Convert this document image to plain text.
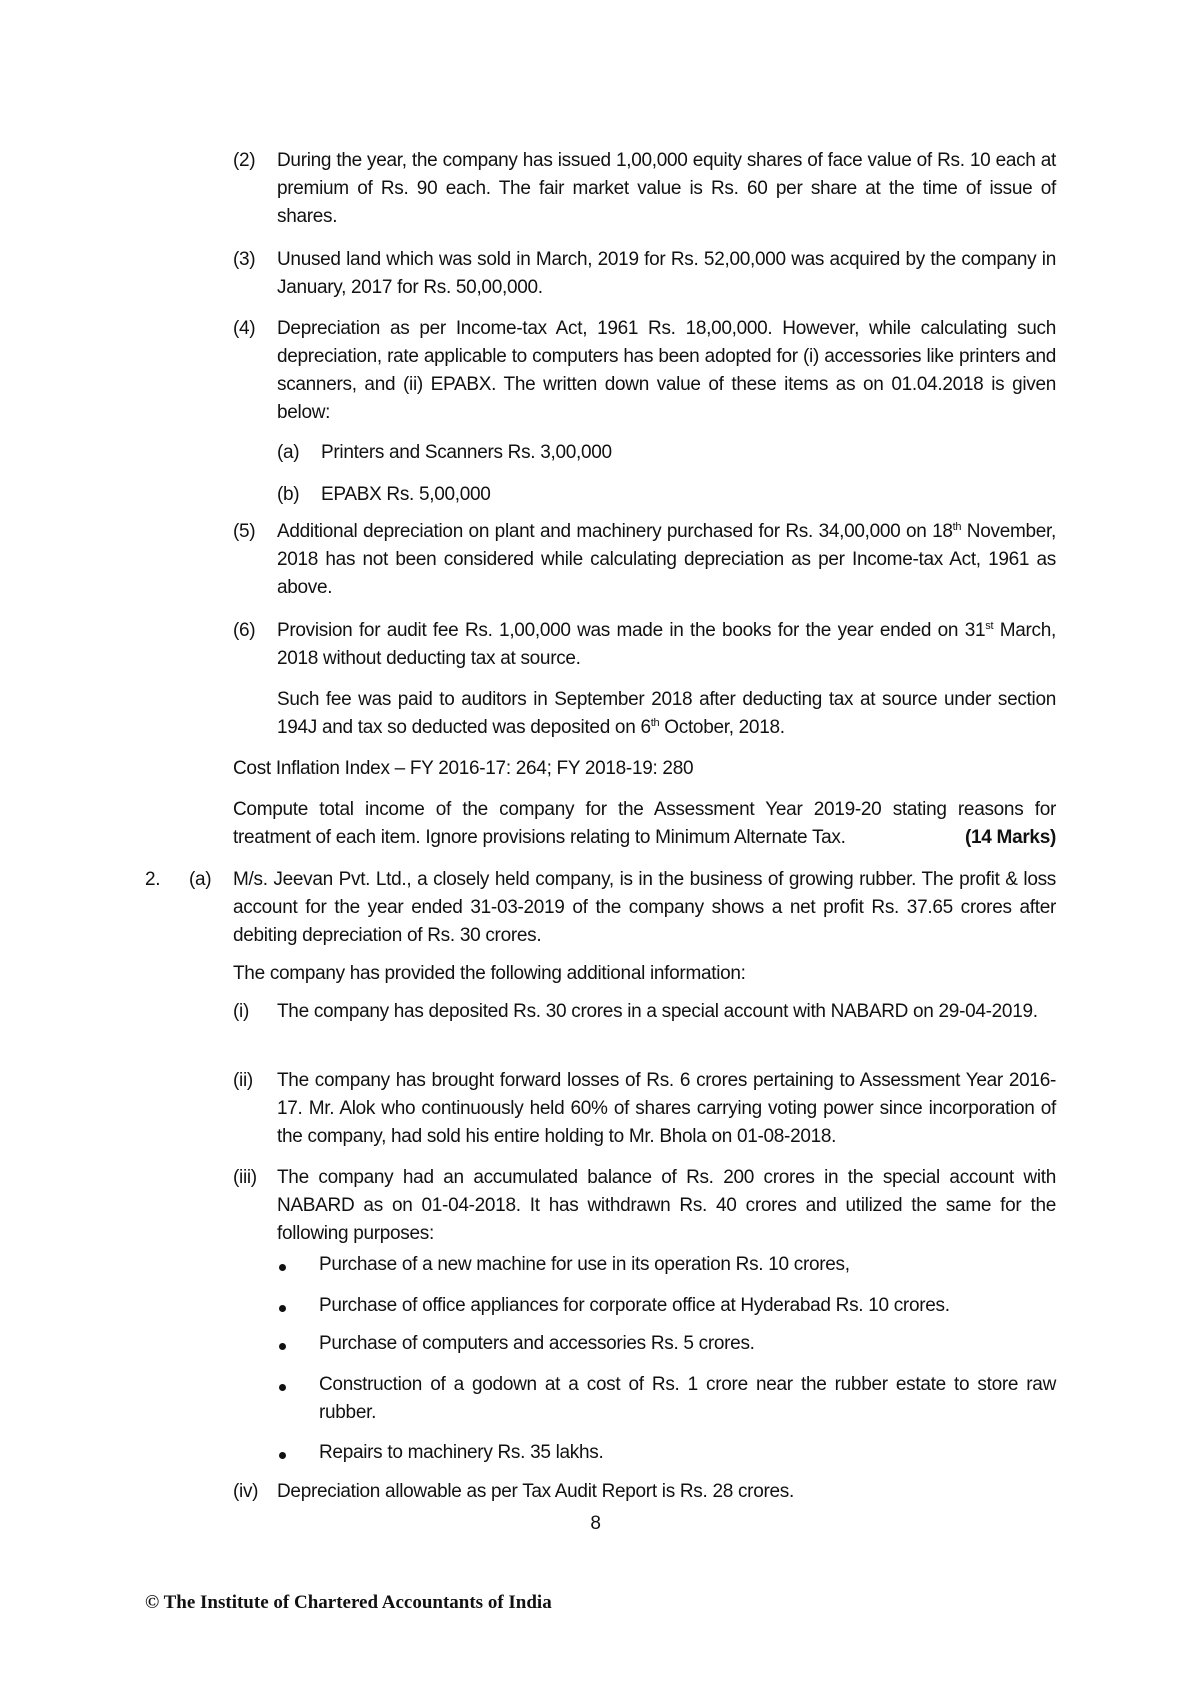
(2) During the year, the company has issued 1,00,000 equity shares of face value of Rs. 10 each at premium of Rs. 90 each. The fair market value is Rs. 60 per share at the time of issue of shares.
(3) Unused land which was sold in March, 2019 for Rs. 52,00,000 was acquired by the company in January, 2017 for Rs. 50,00,000.
(4) Depreciation as per Income-tax Act, 1961 Rs. 18,00,000. However, while calculating such depreciation, rate applicable to computers has been adopted for (i) accessories like printers and scanners, and (ii) EPABX. The written down value of these items as on 01.04.2018 is given below:
(a) Printers and Scanners Rs. 3,00,000
(b) EPABX Rs. 5,00,000
(5) Additional depreciation on plant and machinery purchased for Rs. 34,00,000 on 18th November, 2018 has not been considered while calculating depreciation as per Income-tax Act, 1961 as above.
(6) Provision for audit fee Rs. 1,00,000 was made in the books for the year ended on 31st March, 2018 without deducting tax at source.
Such fee was paid to auditors in September 2018 after deducting tax at source under section 194J and tax so deducted was deposited on 6th October, 2018.
Cost Inflation Index – FY 2016-17: 264; FY 2018-19: 280
Compute total income of the company for the Assessment Year 2019-20 stating reasons for treatment of each item. Ignore provisions relating to Minimum Alternate Tax.	(14 Marks)
2. (a) M/s. Jeevan Pvt. Ltd., a closely held company, is in the business of growing rubber. The profit & loss account for the year ended 31-03-2019 of the company shows a net profit Rs. 37.65 crores after debiting depreciation of Rs. 30 crores.
The company has provided the following additional information:
(i) The company has deposited Rs. 30 crores in a special account with NABARD on 29-04-2019.
(ii) The company has brought forward losses of Rs. 6 crores pertaining to Assessment Year 2016-17. Mr. Alok who continuously held 60% of shares carrying voting power since incorporation of the company, had sold his entire holding to Mr. Bhola on 01-08-2018.
(iii) The company had an accumulated balance of Rs. 200 crores in the special account with NABARD as on 01-04-2018. It has withdrawn Rs. 40 crores and utilized the same for the following purposes:
Purchase of a new machine for use in its operation Rs. 10 crores,
Purchase of office appliances for corporate office at Hyderabad Rs. 10 crores.
Purchase of computers and accessories Rs. 5 crores.
Construction of a godown at a cost of Rs. 1 crore near the rubber estate to store raw rubber.
Repairs to machinery Rs. 35 lakhs.
(iv) Depreciation allowable as per Tax Audit Report is Rs. 28 crores.
8
© The Institute of Chartered Accountants of India
